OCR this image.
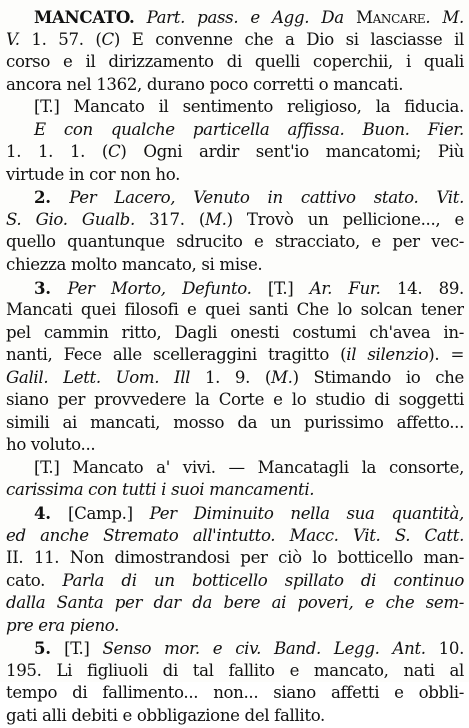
MANCATO. Part. pass. e Agg. Da Mancare. M.
V. 1. 57. (C) E convenne che a Dio si lasciasse il
corso e il dirizzamento di quelli coperchii, i quali
ancora nel 1362, durano poco corretti o mancati.
[T.] Mancato il sentimento religioso, la fiducia.
E con qualche particella affissa. Buon. Fier.
1. 1. 1. (C) Ogni ardir sent'io mancatomi; Più
virtude in cor non ho.
2. Per Lacero, Venuto in cattivo stato. Vit.
S. Gio. Gualb. 317. (M.) Trovò un pellicione..., e
quello quantunque sdrucito e stracciato, e per vec-
chiezza molto mancato, si mise.
3. Per Morto, Defunto. [T.] Ar. Fur. 14. 89.
Mancati quei filosofi e quei santi Che lo solcan tener
pel cammin ritto, Dagli onesti costumi ch'avea in-
nanti, Fece alle scelleraggini tragitto (il silenzio). =
Galil. Lett. Uom. Ill 1. 9. (M.) Stimando io che
siano per provvedere la Corte e lo studio di soggetti
simili ai mancati, mosso da un purissimo affetto...
ho voluto...
[T.] Mancato a' vivi. — Mancatagli la consorte,
carissima con tutti i suoi mancamenti.
4. [Camp.] Per Diminuito nella sua quantità,
ed anche Stremato all'intutto. Macc. Vit. S. Catt.
II. 11. Non dimostrandosi per ciò lo botticello man-
cato. Parla di un botticello spillato di continuo
dalla Santa per dar da bere ai poveri, e che sem-
pre era pieno.
5. [T.] Senso mor. e civ. Band. Legg. Ant. 10.
195. Li figliuoli di tal fallito e mancato, nati al
tempo di fallimento... non... siano affetti e obbli-
gati alli debiti e obbligazione del fallito.
